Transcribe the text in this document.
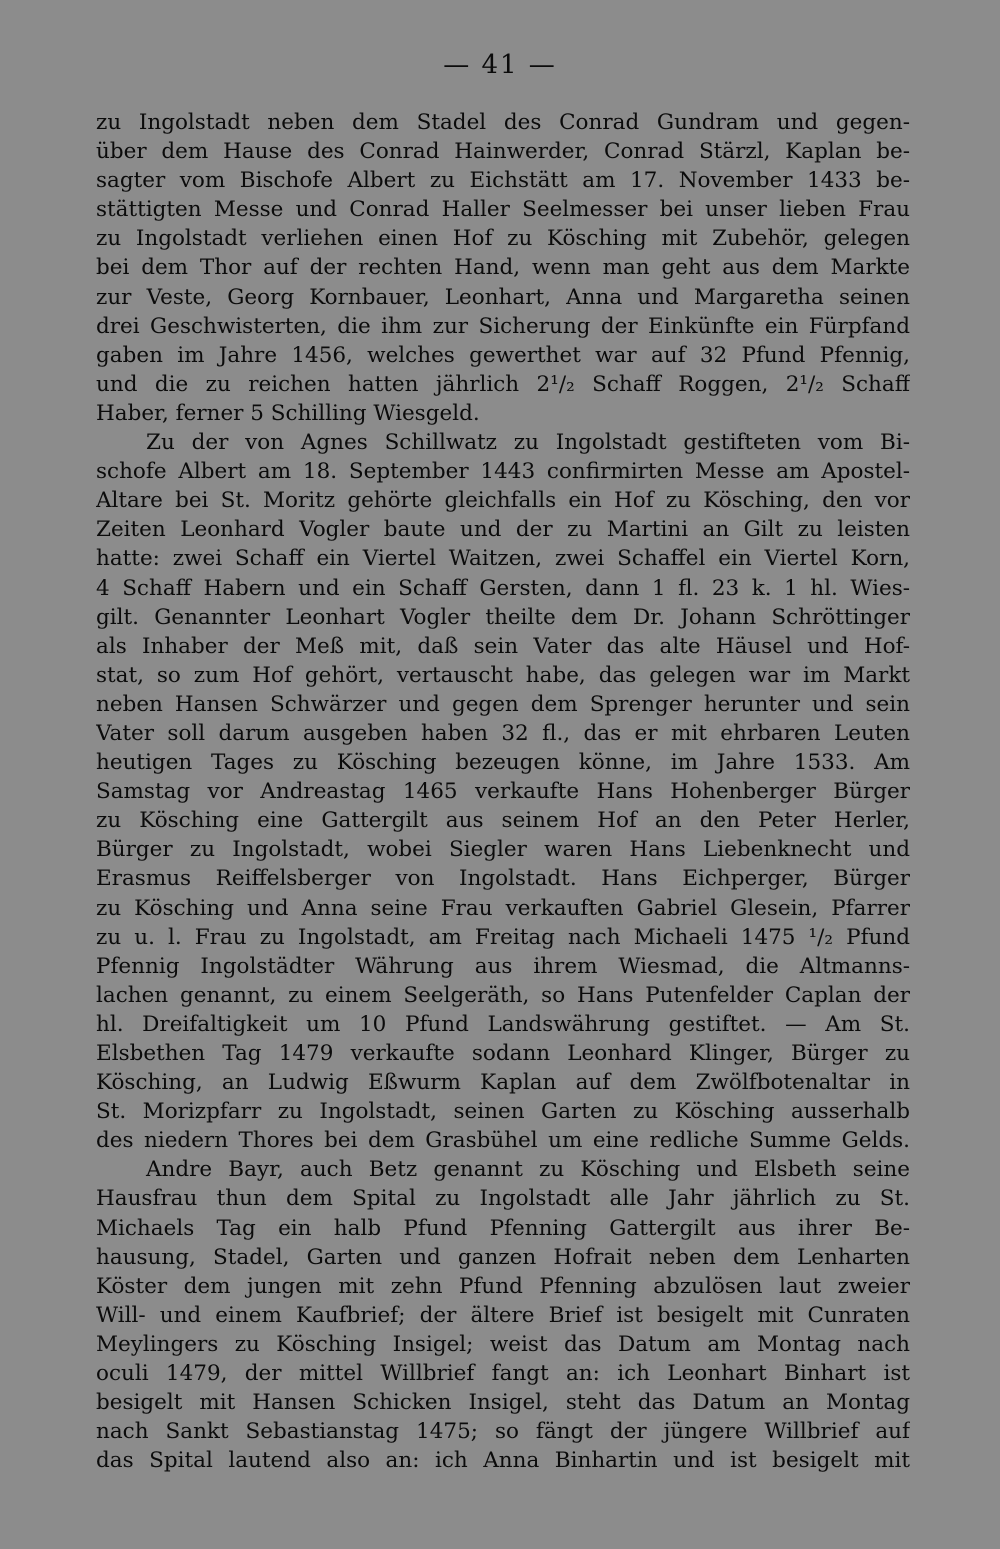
— 41 —
zu Ingolstadt neben dem Stadel des Conrad Gundram und gegen-
über dem Hause des Conrad Hainwerder, Conrad Stärzl, Kaplan be-
sagter vom Bischofe Albert zu Eichstätt am 17. November 1433 be-
stättigten Messe und Conrad Haller Seelmesser bei unser lieben Frau
zu Ingolstadt verliehen einen Hof zu Kösching mit Zubehör, gelegen
bei dem Thor auf der rechten Hand, wenn man geht aus dem Markte
zur Veste, Georg Kornbauer, Leonhart, Anna und Margaretha seinen
drei Geschwisterten, die ihm zur Sicherung der Einkünfte ein Fürpfand
gaben im Jahre 1456, welches gewerthet war auf 32 Pfund Pfennig,
und die zu reichen hatten jährlich 2¹/₂ Schaff Roggen, 2¹/₂ Schaff
Haber, ferner 5 Schilling Wiesgeld.
Zu der von Agnes Schillwatz zu Ingolstadt gestifteten vom Bi-
schofe Albert am 18. September 1443 confirmirten Messe am Apostel-
Altare bei St. Moritz gehörte gleichfalls ein Hof zu Kösching, den vor
Zeiten Leonhard Vogler baute und der zu Martini an Gilt zu leisten
hatte: zwei Schaff ein Viertel Waitzen, zwei Schaffel ein Viertel Korn,
4 Schaff Habern und ein Schaff Gersten, dann 1 fl. 23 k. 1 hl. Wies-
gilt. Genannter Leonhart Vogler theilte dem Dr. Johann Schröttinger
als Inhaber der Meß mit, daß sein Vater das alte Häusel und Hof-
stat, so zum Hof gehört, vertauscht habe, das gelegen war im Markt
neben Hansen Schwärzer und gegen dem Sprenger herunter und sein
Vater soll darum ausgeben haben 32 fl., das er mit ehrbaren Leuten
heutigen Tages zu Kösching bezeugen könne, im Jahre 1533. Am
Samstag vor Andreastag 1465 verkaufte Hans Hohenberger Bürger
zu Kösching eine Gattergilt aus seinem Hof an den Peter Herler,
Bürger zu Ingolstadt, wobei Siegler waren Hans Liebenknecht und
Erasmus Reiffelsberger von Ingolstadt. Hans Eichperger, Bürger
zu Kösching und Anna seine Frau verkauften Gabriel Glesein, Pfarrer
zu u. l. Frau zu Ingolstadt, am Freitag nach Michaeli 1475 ¹/₂ Pfund
Pfennig Ingolstädter Währung aus ihrem Wiesmad, die Altmanns-
lachen genannt, zu einem Seelgeräth, so Hans Putenfelder Caplan der
hl. Dreifaltigkeit um 10 Pfund Landswährung gestiftet. — Am St.
Elsbethen Tag 1479 verkaufte sodann Leonhard Klinger, Bürger zu
Kösching, an Ludwig Eßwurm Kaplan auf dem Zwölfbotenaltar in
St. Morizpfarr zu Ingolstadt, seinen Garten zu Kösching ausserhalb
des niedern Thores bei dem Grasbühel um eine redliche Summe Gelds.
Andre Bayr, auch Betz genannt zu Kösching und Elsbeth seine
Hausfrau thun dem Spital zu Ingolstadt alle Jahr jährlich zu St.
Michaels Tag ein halb Pfund Pfenning Gattergilt aus ihrer Be-
hausung, Stadel, Garten und ganzen Hofrait neben dem Lenharten
Köster dem jungen mit zehn Pfund Pfenning abzulösen laut zweier
Will- und einem Kaufbrief; der ältere Brief ist besigelt mit Cunraten
Meylingers zu Kösching Insigel; weist das Datum am Montag nach
oculi 1479, der mittel Willbrief fangt an: ich Leonhart Binhart ist
besigelt mit Hansen Schicken Insigel, steht das Datum an Montag
nach Sankt Sebastianstag 1475; so fängt der jüngere Willbrief auf
das Spital lautend also an: ich Anna Binhartin und ist besigelt mit
